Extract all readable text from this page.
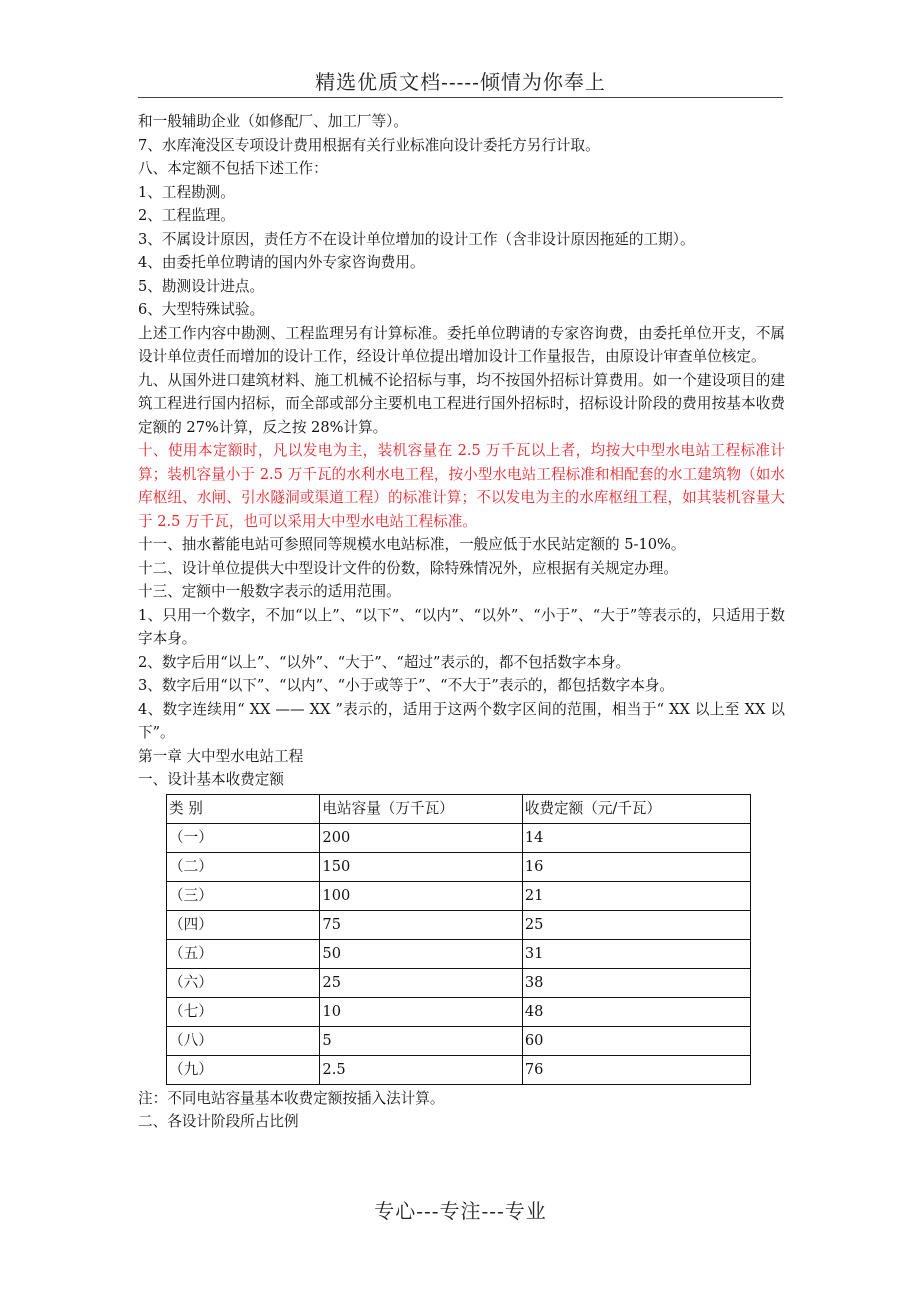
精选优质文档-----倾情为你奉上

和一般辅助企业（如修配厂、加工厂等）。

7、水库淹没区专项设计费用根据有关行业标准向设计委托方另行计取。

八、本定额不包括下述工作：

1、工程勘测。

2、工程监理。

3、不属设计原因，责任方不在设计单位增加的设计工作（含非设计原因拖延的工期）。

4、由委托单位聘请的国内外专家咨询费用。

5、勘测设计进点。

6、大型特殊试验。

上述工作内容中勘测、工程监理另有计算标准。委托单位聘请的专家咨询费，由委托单位开支，不属设计单位责任而增加的设计工作，经设计单位提出增加设计工作量报告，由原设计审查单位核定。

九、从国外进口建筑材料、施工机械不论招标与事，均不按国外招标计算费用。如一个建设项目的建筑工程进行国内招标，而全部或部分主要机电工程进行国外招标时，招标设计阶段的费用按基本收费定额的 27%计算，反之按 28%计算。

十、使用本定额时，凡以发电为主，装机容量在 2.5 万千瓦以上者，均按大中型水电站工程标准计算；装机容量小于 2.5 万千瓦的水利水电工程，按小型水电站工程标准和相配套的水工建筑物（如水库枢纽、水闸、引水隧洞或渠道工程）的标准计算；不以发电为主的水库枢纽工程，如其装机容量大于 2.5 万千瓦，也可以采用大中型水电站工程标准。

十一、抽水蓄能电站可参照同等规模水电站标准，一般应低于水民站定额的 5-10%。

十二、设计单位提供大中型设计文件的份数，除特殊情况外，应根据有关规定办理。

十三、定额中一般数字表示的适用范围。

1、只用一个数字，不加“以上”、“以下”、“以内”、“以外”、“小于”、“大于”等表示的，只适用于数字本身。

2、数字后用“以上”、“以外”、“大于”、“超过”表示的，都不包括数字本身。

3、数字后用“以下”、“以内”、“小于或等于”、“不大于”表示的，都包括数字本身。

4、数字连续用“ XX —— XX ”表示的，适用于这两个数字区间的范围，相当于“ XX 以上至 XX 以下”。

第一章 大中型水电站工程

一、设计基本收费定额

类 别	电站容量（万千瓦）	收费定额（元/千瓦）
（一）	200	14
（二）	150	16
（三）	100	21
（四）	75	25
（五）	50	31
（六）	25	38
（七）	10	48
（八）	5	60
（九）	2.5	76

注：不同电站容量基本收费定额按插入法计算。

二、各设计阶段所占比例

专心---专注---专业
